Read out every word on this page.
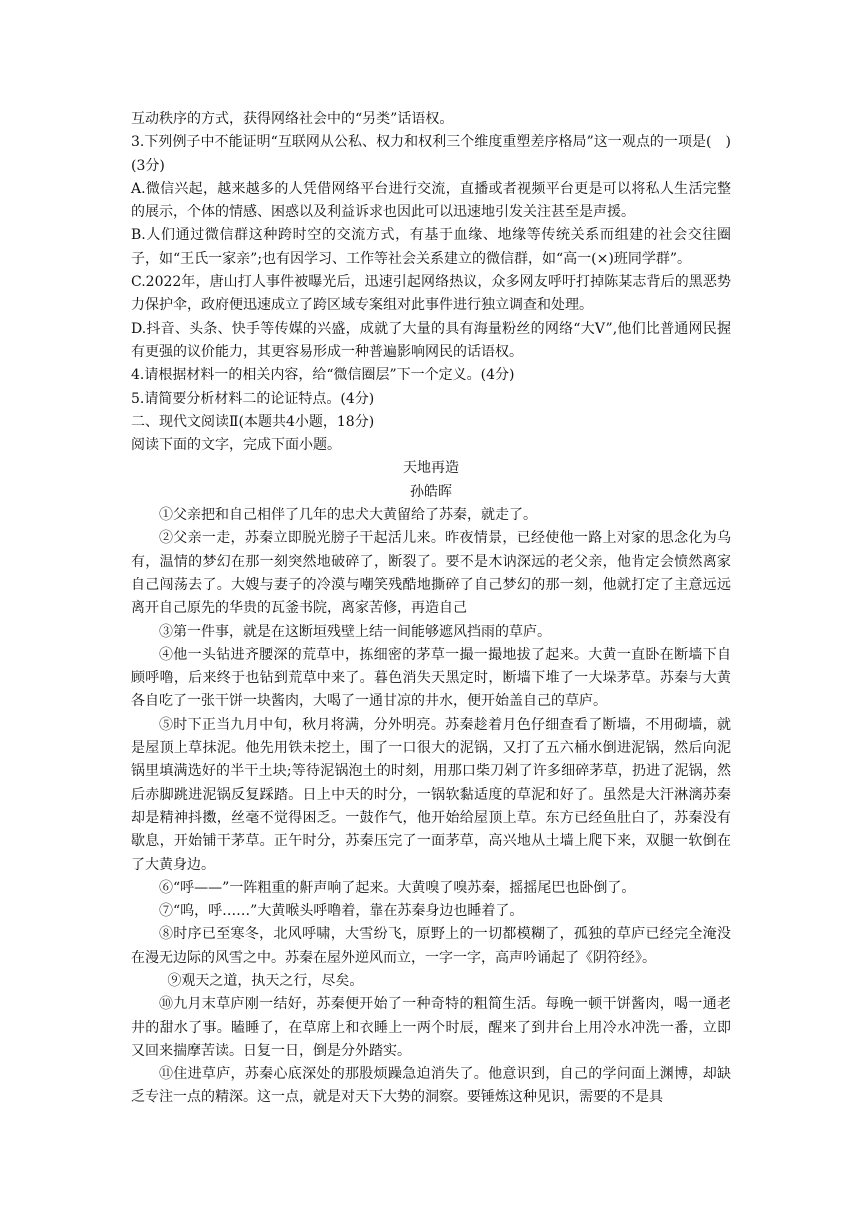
互动秩序的方式，获得网络社会中的“另类”话语权。

3.下列例子中不能证明“互联网从公私、权力和权利三个维度重塑差序格局”这一观点的一项是(　)(3分)

A.微信兴起，越来越多的人凭借网络平台进行交流，直播或者视频平台更是可以将私人生活完整的展示，个体的情感、困惑以及利益诉求也因此可以迅速地引发关注甚至是声援。

B.人们通过微信群这种跨时空的交流方式，有基于血缘、地缘等传统关系而组建的社会交往圈子，如“王氏一家亲”;也有因学习、工作等社会关系建立的微信群，如“高一(×)班同学群”。

C.2022年，唐山打人事件被曝光后，迅速引起网络热议，众多网友呼吁打掉陈某志背后的黑恶势力保护伞，政府便迅速成立了跨区域专案组对此事件进行独立调查和处理。

D.抖音、头条、快手等传媒的兴盛，成就了大量的具有海量粉丝的网络“大V”,他们比普通网民握有更强的议价能力，其更容易形成一种普遍影响网民的话语权。

4.请根据材料一的相关内容，给“微信圈层”下一个定义。(4分)

5.请简要分析材料二的论证特点。(4分)

二、现代文阅读Ⅱ(本题共4小题，18分)

阅读下面的文字，完成下面小题。

天地再造

孙皓晖

①父亲把和自己相伴了几年的忠犬大黄留给了苏秦，就走了。

②父亲一走，苏秦立即脱光膀子干起活儿来。昨夜情景，已经使他一路上对家的思念化为乌有，温情的梦幻在那一刻突然地破碎了，断裂了。要不是木讷深远的老父亲，他肯定会愤然离家自己闯荡去了。大嫂与妻子的冷漠与嘲笑残酷地撕碎了自己梦幻的那一刻，他就打定了主意远远离开自己原先的华贵的瓦釜书院，离家苦修，再造自己

③第一件事，就是在这断垣残壁上结一间能够遮风挡雨的草庐。

④他一头钻进齐腰深的荒草中，拣细密的茅草一撮一撮地拔了起来。大黄一直卧在断墙下自顾呼噜，后来终于也钻到荒草中来了。暮色消失天黑定时，断墙下堆了一大垛茅草。苏秦与大黄各自吃了一张干饼一块酱肉，大喝了一通甘凉的井水，便开始盖自己的草庐。

⑤时下正当九月中旬，秋月将满，分外明亮。苏秦趁着月色仔细查看了断墙，不用砌墙，就是屋顶上草抹泥。他先用铁未挖土，围了一口很大的泥锅，又打了五六桶水倒进泥锅，然后向泥锅里填满选好的半干土块;等待泥锅泡土的时刻，用那口柴刀剁了许多细碎茅草，扔进了泥锅，然后赤脚跳进泥锅反复踩踏。日上中天的时分，一锅软黏适度的草泥和好了。虽然是大汗淋漓苏秦却是精神抖擞，丝毫不觉得困乏。一鼓作气，他开始给屋顶上草。东方已经鱼肚白了，苏秦没有歇息，开始铺干茅草。正午时分，苏秦压完了一面茅草，高兴地从土墙上爬下来，双腿一软倒在了大黄身边。

⑥“呼——”一阵粗重的鼾声响了起来。大黄嗅了嗅苏秦，摇摇尾巴也卧倒了。

⑦“呜，呼……”大黄喉头呼噜着，靠在苏秦身边也睡着了。

⑧时序已至寒冬，北风呼啸，大雪纷飞，原野上的一切都模糊了，孤独的草庐已经完全淹没在漫无边际的风雪之中。苏秦在屋外逆风而立，一字一字，高声吟诵起了《阴符经》。

⑨观天之道，执天之行，尽矣。

⑩九月末草庐刚一结好，苏秦便开始了一种奇特的粗简生活。每晚一顿干饼酱肉，喝一通老井的甜水了事。瞌睡了，在草席上和衣睡上一两个时辰，醒来了到井台上用冷水冲洗一番，立即又回来揣摩苦读。日复一日，倒是分外踏实。

⑪住进草庐，苏秦心底深处的那股烦躁急迫消失了。他意识到，自己的学问面上渊博，却缺乏专注一点的精深。这一点，就是对天下大势的洞察。要锤炼这种见识，需要的不是具
